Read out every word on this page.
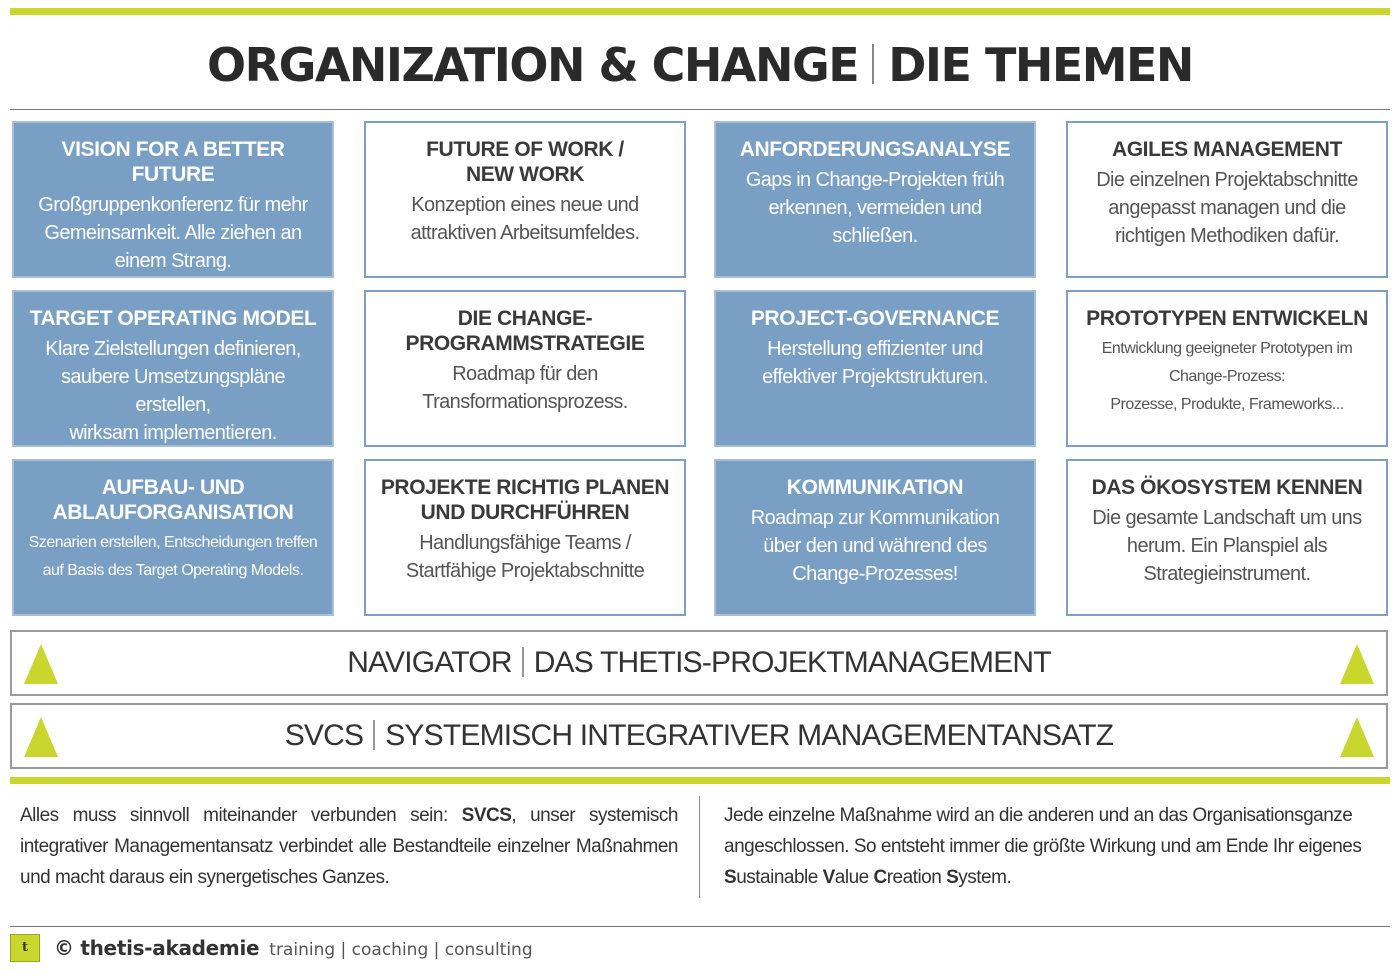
ORGANIZATION & CHANGE DIE THEMEN
VISION FOR A BETTER FUTURE
Großgruppenkonferenz für mehr
Gemeinsamkeit. Alle ziehen an
einem Strang.
FUTURE OF WORK /
NEW WORK
Konzeption eines neue und
attraktiven Arbeitsumfeldes.
ANFORDERUNGSANALYSE
Gaps in Change-Projekten früh
erkennen, vermeiden und
schließen.
AGILES MANAGEMENT
Die einzelnen Projektabschnitte
angepasst managen und die
richtigen Methodiken dafür.
TARGET OPERATING MODEL
Klare Zielstellungen definieren,
saubere Umsetzungspläne erstellen,
wirksam implementieren.
DIE CHANGE-
PROGRAMMSTRATEGIE
Roadmap für den
Transformationsprozess.
PROJECT-GOVERNANCE
Herstellung effizienter und
effektiver Projektstrukturen.
PROTOTYPEN ENTWICKELN
Entwicklung geeigneter Prototypen im
Change-Prozess:
Prozesse, Produkte, Frameworks...
AUFBAU- UND
ABLAUFORGANISATION
Szenarien erstellen, Entscheidungen treffen
auf Basis des Target Operating Models.
PROJEKTE RICHTIG PLANEN
UND DURCHFÜHREN
Handlungsfähige Teams /
Startfähige Projektabschnitte
KOMMUNIKATION
Roadmap zur Kommunikation
über den und während des
Change-Prozesses!
DAS ÖKOSYSTEM KENNEN
Die gesamte Landschaft um uns
herum. Ein Planspiel als
Strategieinstrument.
NAVIGATOR DAS THETIS-PROJEKTMANAGEMENT
SVCS SYSTEMISCH INTEGRATIVER MANAGEMENTANSATZ
Alles muss sinnvoll miteinander verbunden sein: SVCS, unser systemisch integrativer Managementansatz verbindet alle Bestandteile einzelner Maßnahmen und macht daraus ein synergetisches Ganzes.
Jede einzelne Maßnahme wird an die anderen und an das Organisationsganze angeschlossen. So entsteht immer die größte Wirkung und am Ende Ihr eigenes Sustainable Value Creation System.
t	© thetis-akademie training | coaching | consulting
